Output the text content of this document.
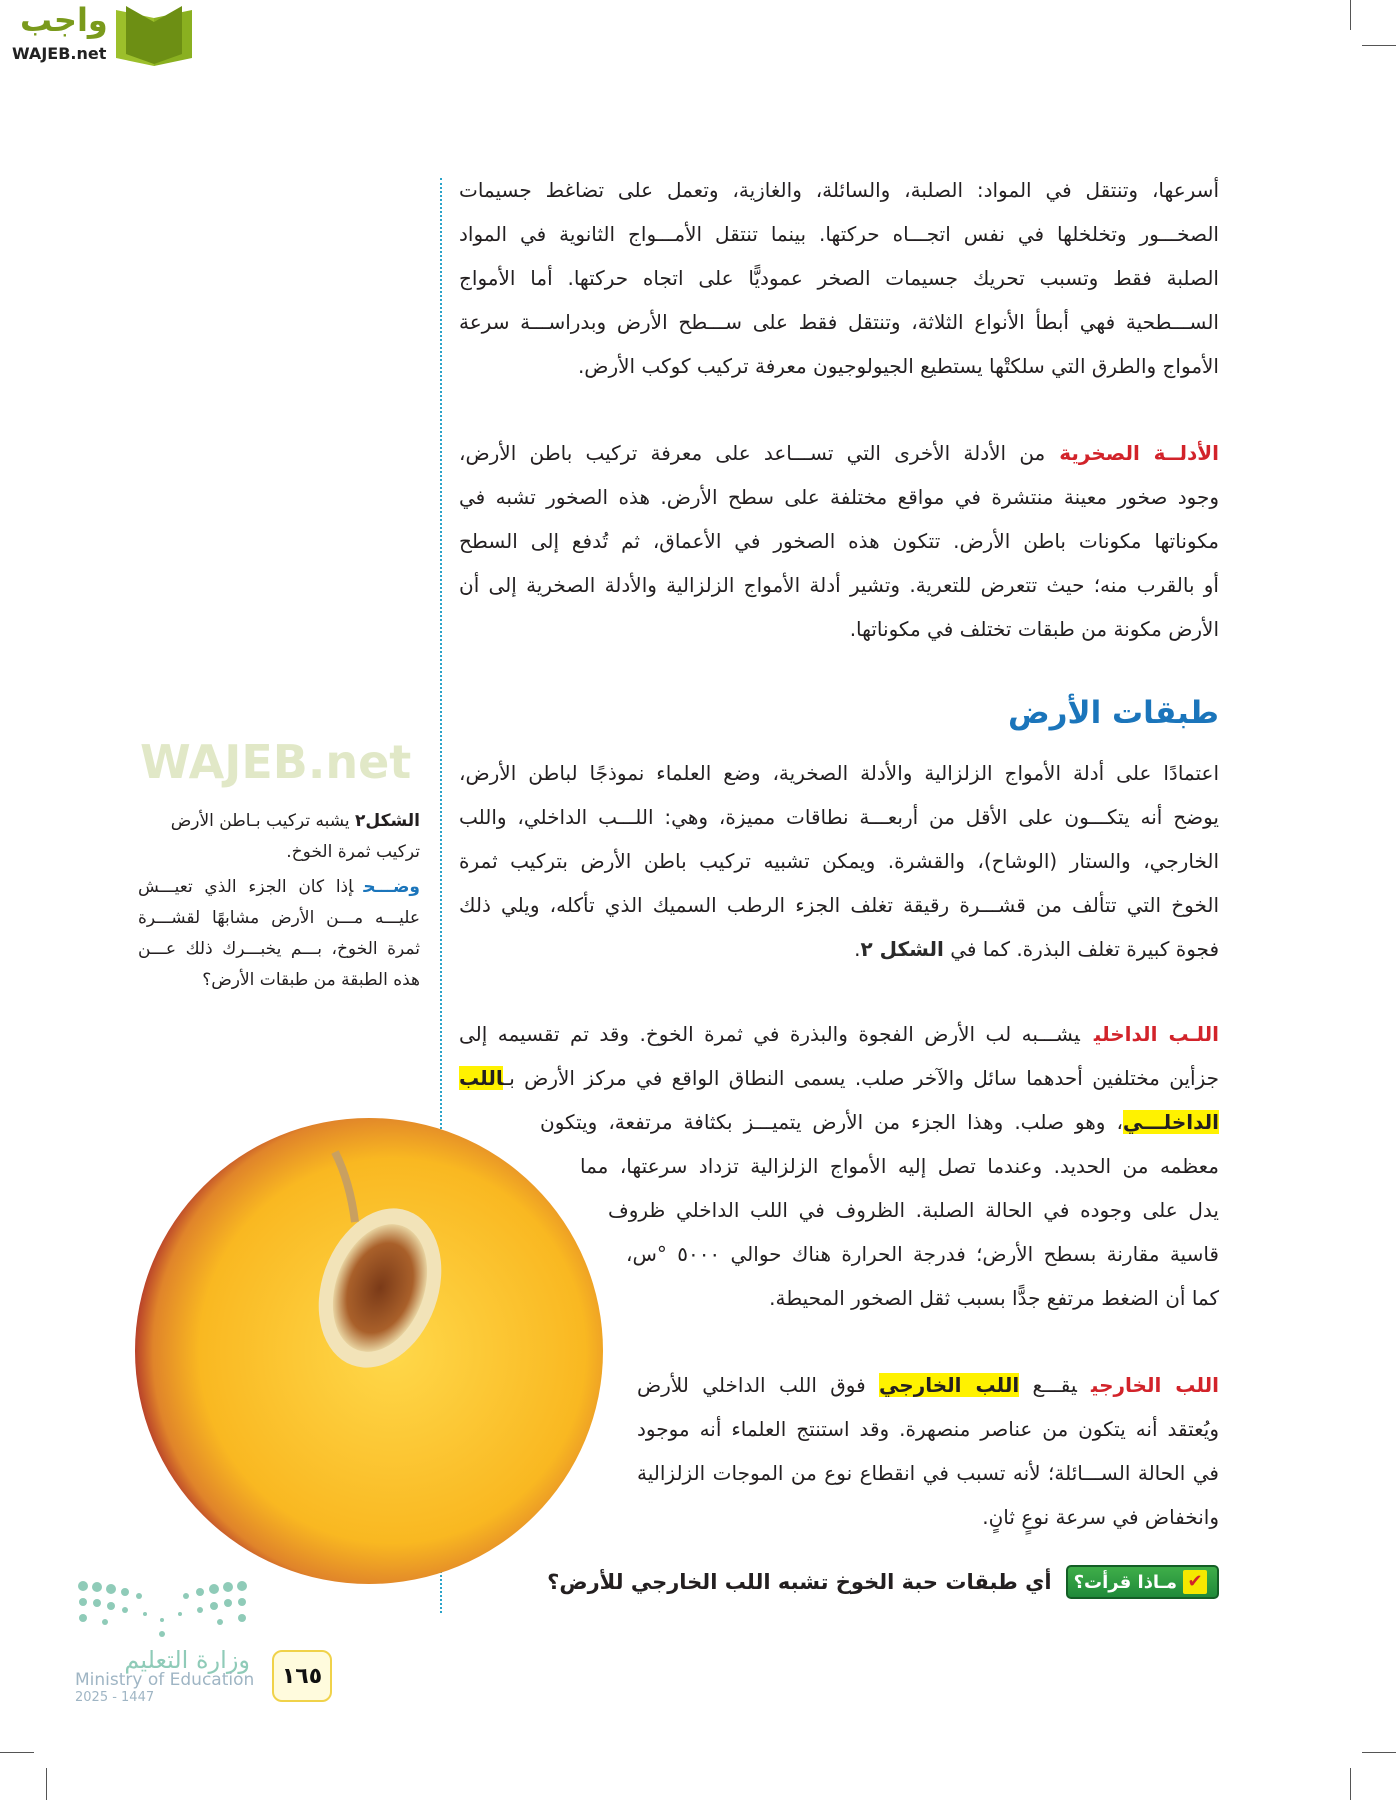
واجب
WAJEB.net
WAJEB.net
أسرعها، وتنتقل في المواد: الصلبة، والسائلة، والغازية، وتعمل على تضاغط جسيمات
الصخـــور وتخلخلها في نفس اتجـــاه حركتها. بينما تنتقل الأمـــواج الثانوية في المواد
الصلبة فقط وتسبب تحريك جسيمات الصخر عموديًّا على اتجاه حركتها. أما الأمواج
الســـطحية فهي أبطأ الأنواع الثلاثة، وتنتقل فقط على ســـطح الأرض وبدراســـة سرعة
الأمواج والطرق التي سلكتْها يستطيع الجيولوجيون معرفة تركيب كوكب الأرض.
الأدلــة الصخريةمن الأدلة الأخرى التي تســـاعد على معرفة تركيب باطن الأرض،
وجود صخور معينة منتشرة في مواقع مختلفة على سطح الأرض. هذه الصخور تشبه في
مكوناتها مكونات باطن الأرض. تتكون هذه الصخور في الأعماق، ثم تُدفع إلى السطح
أو بالقرب منه؛ حيث تتعرض للتعرية. وتشير أدلة الأمواج الزلزالية والأدلة الصخرية إلى أن
الأرض مكونة من طبقات تختلف في مكوناتها.
طبقات الأرض
اعتمادًا على أدلة الأمواج الزلزالية والأدلة الصخرية، وضع العلماء نموذجًا لباطن الأرض،
يوضح أنه يتكـــون على الأقل من أربعـــة نطاقات مميزة، وهي: اللـــب الداخلي، واللب
الخارجي، والستار (الوشاح)، والقشرة. ويمكن تشبيه تركيب باطن الأرض بتركيب ثمرة
الخوخ التي تتألف من قشـــرة رقيقة تغلف الجزء الرطب السميك الذي تأكله، ويلي ذلك
فجوة كبيرة تغلف البذرة. كما في الشكل ٢.
الشكل٢ يشبه تركيب بـاطن الأرض تركيب ثمرة الخوخ.
وضـــحإذا كان الجزء الذي تعيـــش عليـــه مـــن الأرض مشابهًا لقشـــرة ثمرة الخوخ، بـــم يخبـــرك ذلك عـــن هذه الطبقة من طبقات الأرض؟
اللـب الداخلييشـــبه لب الأرض الفجوة والبذرة في ثمرة الخوخ. وقد تم تقسيمه إلى
جزأين مختلفين أحدهما سائل والآخر صلب. يسمى النطاق الواقع في مركز الأرض بـاللب
الداخلـــي، وهو صلب. وهذا الجزء من الأرض يتميـــز بكثافة مرتفعة، ويتكون
معظمه من الحديد. وعندما تصل إليه الأمواج الزلزالية تزداد سرعتها، مما
يدل على وجوده في الحالة الصلبة. الظروف في اللب الداخلي ظروف
قاسية مقارنة بسطح الأرض؛ فدرجة الحرارة هناك حوالي ٥٠٠٠ °س،
كما أن الضغط مرتفع جدًّا بسبب ثقل الصخور المحيطة.
اللب الخارجييقـــع اللب الخارجي فوق اللب الداخلي للأرض
ويُعتقد أنه يتكون من عناصر منصهرة. وقد استنتج العلماء أنه موجود
في الحالة الســـائلة؛ لأنه تسبب في انقطاع نوع من الموجات الزلزالية
وانخفاض في سرعة نوعٍ ثانٍ.
✔
مـاذا قرأت؟
أي طبقات حبة الخوخ تشبه اللب الخارجي للأرض؟
وزارة التعليم
Ministry of Education
2025 - 1447
١٦٥
